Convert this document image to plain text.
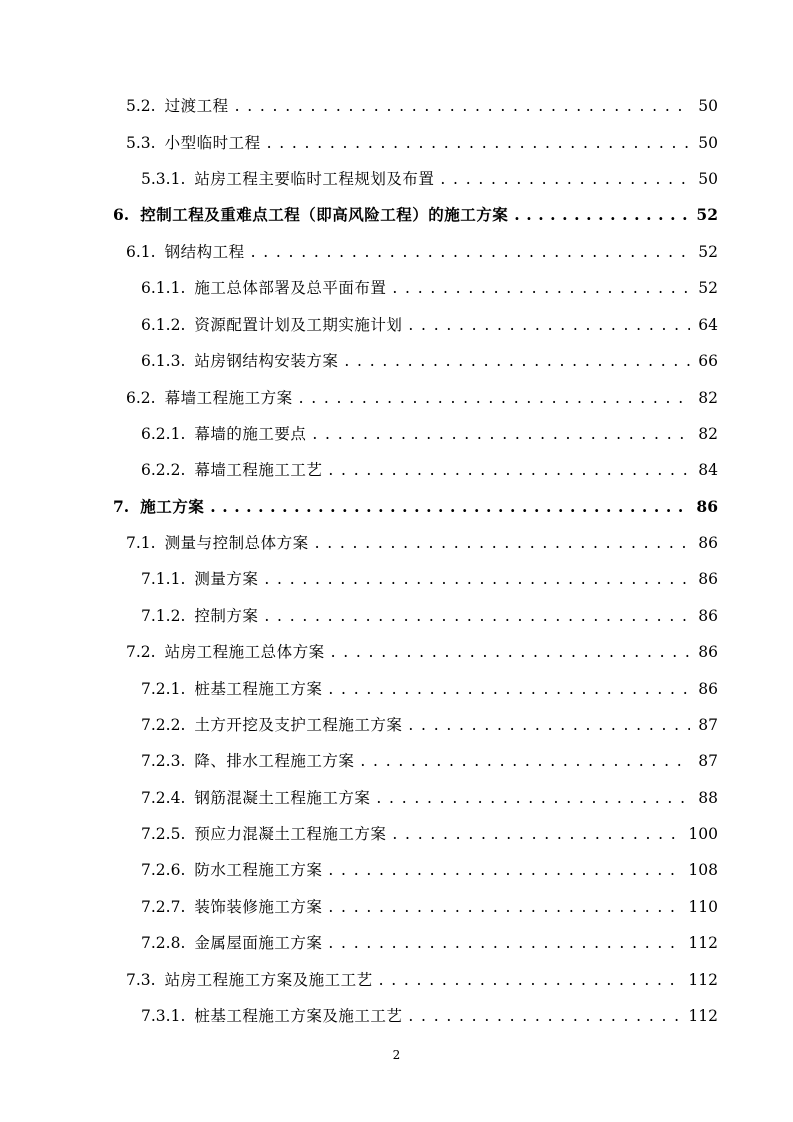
5.2. 过渡工程 . . .	50
5.3. 小型临时工程 . . .	50
5.3.1. 站房工程主要临时工程规划及布置 . . .	50
6. 控制工程及重难点工程（即高风险工程）的施工方案 . . .	52
6.1. 钢结构工程 . . .	52
6.1.1. 施工总体部署及总平面布置 . . .	52
6.1.2. 资源配置计划及工期实施计划 . . .	64
6.1.3. 站房钢结构安装方案 . . .	66
6.2. 幕墙工程施工方案 . . .	82
6.2.1. 幕墙的施工要点 . . .	82
6.2.2. 幕墙工程施工工艺 . . .	84
7. 施工方案 . . .	86
7.1. 测量与控制总体方案 . . .	86
7.1.1. 测量方案 . . .	86
7.1.2. 控制方案 . . .	86
7.2. 站房工程施工总体方案 . . .	86
7.2.1. 桩基工程施工方案 . . .	86
7.2.2. 土方开挖及支护工程施工方案 . . .	87
7.2.3. 降、排水工程施工方案 . . .	87
7.2.4. 钢筋混凝土工程施工方案 . . .	88
7.2.5. 预应力混凝土工程施工方案 . . .	100
7.2.6. 防水工程施工方案 . . .	108
7.2.7. 装饰装修施工方案 . . .	110
7.2.8. 金属屋面施工方案 . . .	112
7.3. 站房工程施工方案及施工工艺 . . .	112
7.3.1. 桩基工程施工方案及施工工艺 . . .	112
2
